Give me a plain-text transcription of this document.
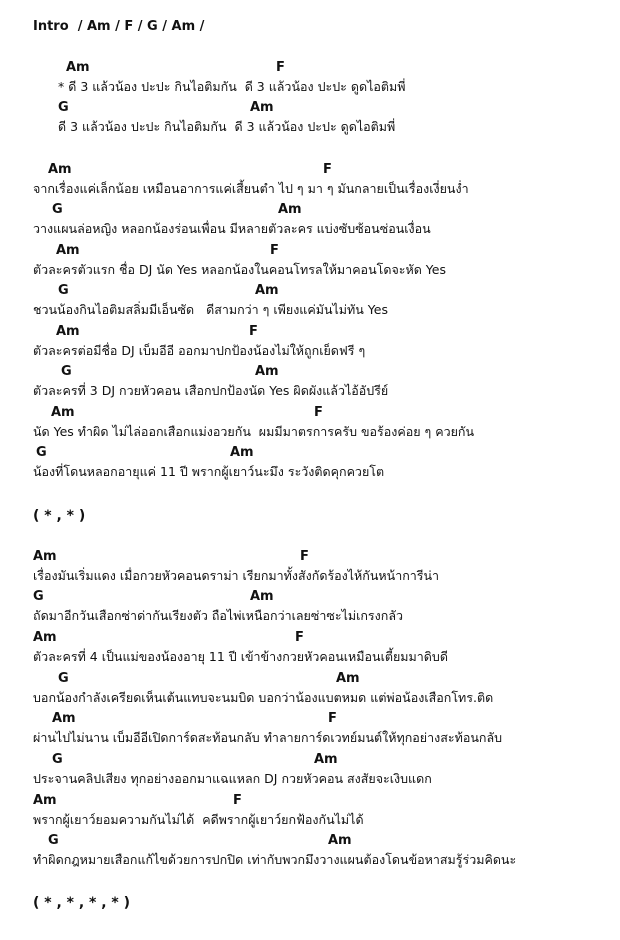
Intro  / Am / F / G / Am /
Am	F
* ดี 3 แล้วน้อง ปะปะ กินไอติมกัน  ดี 3 แล้วน้อง ปะปะ ดูดไอติมพี่
G	Am
ดี 3 แล้วน้อง ปะปะ กินไอติมกัน  ดี 3 แล้วน้อง ปะปะ ดูดไอติมพี่
Am	F
จากเรื่องแค่เล็กน้อย เหมือนอาการแค่เสี้ยนตำ ไป ๆ มา ๆ มันกลายเป็นเรื่องเงี่ยนง่ำ
G	Am
วางแผนล่อหญิง หลอกน้องร่อนเพื่อน มีหลายตัวละคร แบ่งซับซ้อนซ่อนเงื่อน
Am	F
ตัวละครตัวแรก ชื่อ DJ นัด Yes หลอกน้องในคอนโทรลให้มาคอนโดจะหัด Yes
G	Am
ชวนน้องกินไอติมสลิ่มมีเอ็นซัด   ดีสามกว่า ๆ เพียงแค่มันไม่ทัน Yes
Am	F
ตัวละครต่อมีชื่อ DJ เบ็มอีอี ออกมาปกป้องน้องไม่ให้ถูกเย็ดฟรี ๆ
G	Am
ตัวละครที่ 3 DJ กวยหัวคอน เสือกปกป้องนัด Yes ผิดผังแล้วไอ้อัปรีย์
Am	F
นัด Yes ทำผิด ไม่ไล่ออกเสือกแม่งอวยกัน  ผมมีมาตรการครับ ขอร้องค่อย ๆ ควยกัน
G	Am
น้องที่โดนหลอกอายุแค่ 11 ปี พรากผู้เยาว์นะมึง ระวังติดคุกควยโต
( * , * )
Am	F
เรื่องมันเริ่มแดง เมื่อกวยหัวคอนดราม่า เรียกมาทั้งสังกัดร้องไห้กันหน้าการีน่า
G	Am
ถัดมาอีกวันเสือกซ่าด่ากันเรียงตัว ถือไพ่เหนือกว่าเลยซ่าซะไม่เกรงกลัว
Am	F
ตัวละครที่ 4 เป็นแม่ของน้องอายุ 11 ปี เข้าข้างกวยหัวคอนเหมือนเตี้ยมมาดิบดี
G	Am
บอกน้องกำลังเครียดเห็นเต้นแทบจะนมบิด บอกว่าน้องแบตหมด แต่พ่อน้องเสือกโทร.ติด
Am	F
ผ่านไปไม่นาน เบ็มอีอีเปิดการ์ดสะท้อนกลับ ทำลายการ์ดเวทย์มนต์ให้ทุกอย่างสะท้อนกลับ
G	Am
ประจานคลิปเสียง ทุกอย่างออกมาแฉแหลก DJ กวยหัวคอน สงสัยจะเงิบแดก
Am	F
พรากผู้เยาว์ยอมความกันไม่ได้  คดีพรากผู้เยาว์ยกฟ้องกันไม่ได้
G	Am
ทำผิดกฎหมายเสือกแก้ไขด้วยการปกปิด เท่ากับพวกมึงวางแผนต้องโดนข้อหาสมรู้ร่วมคิดนะ
( * , * , * , * )
